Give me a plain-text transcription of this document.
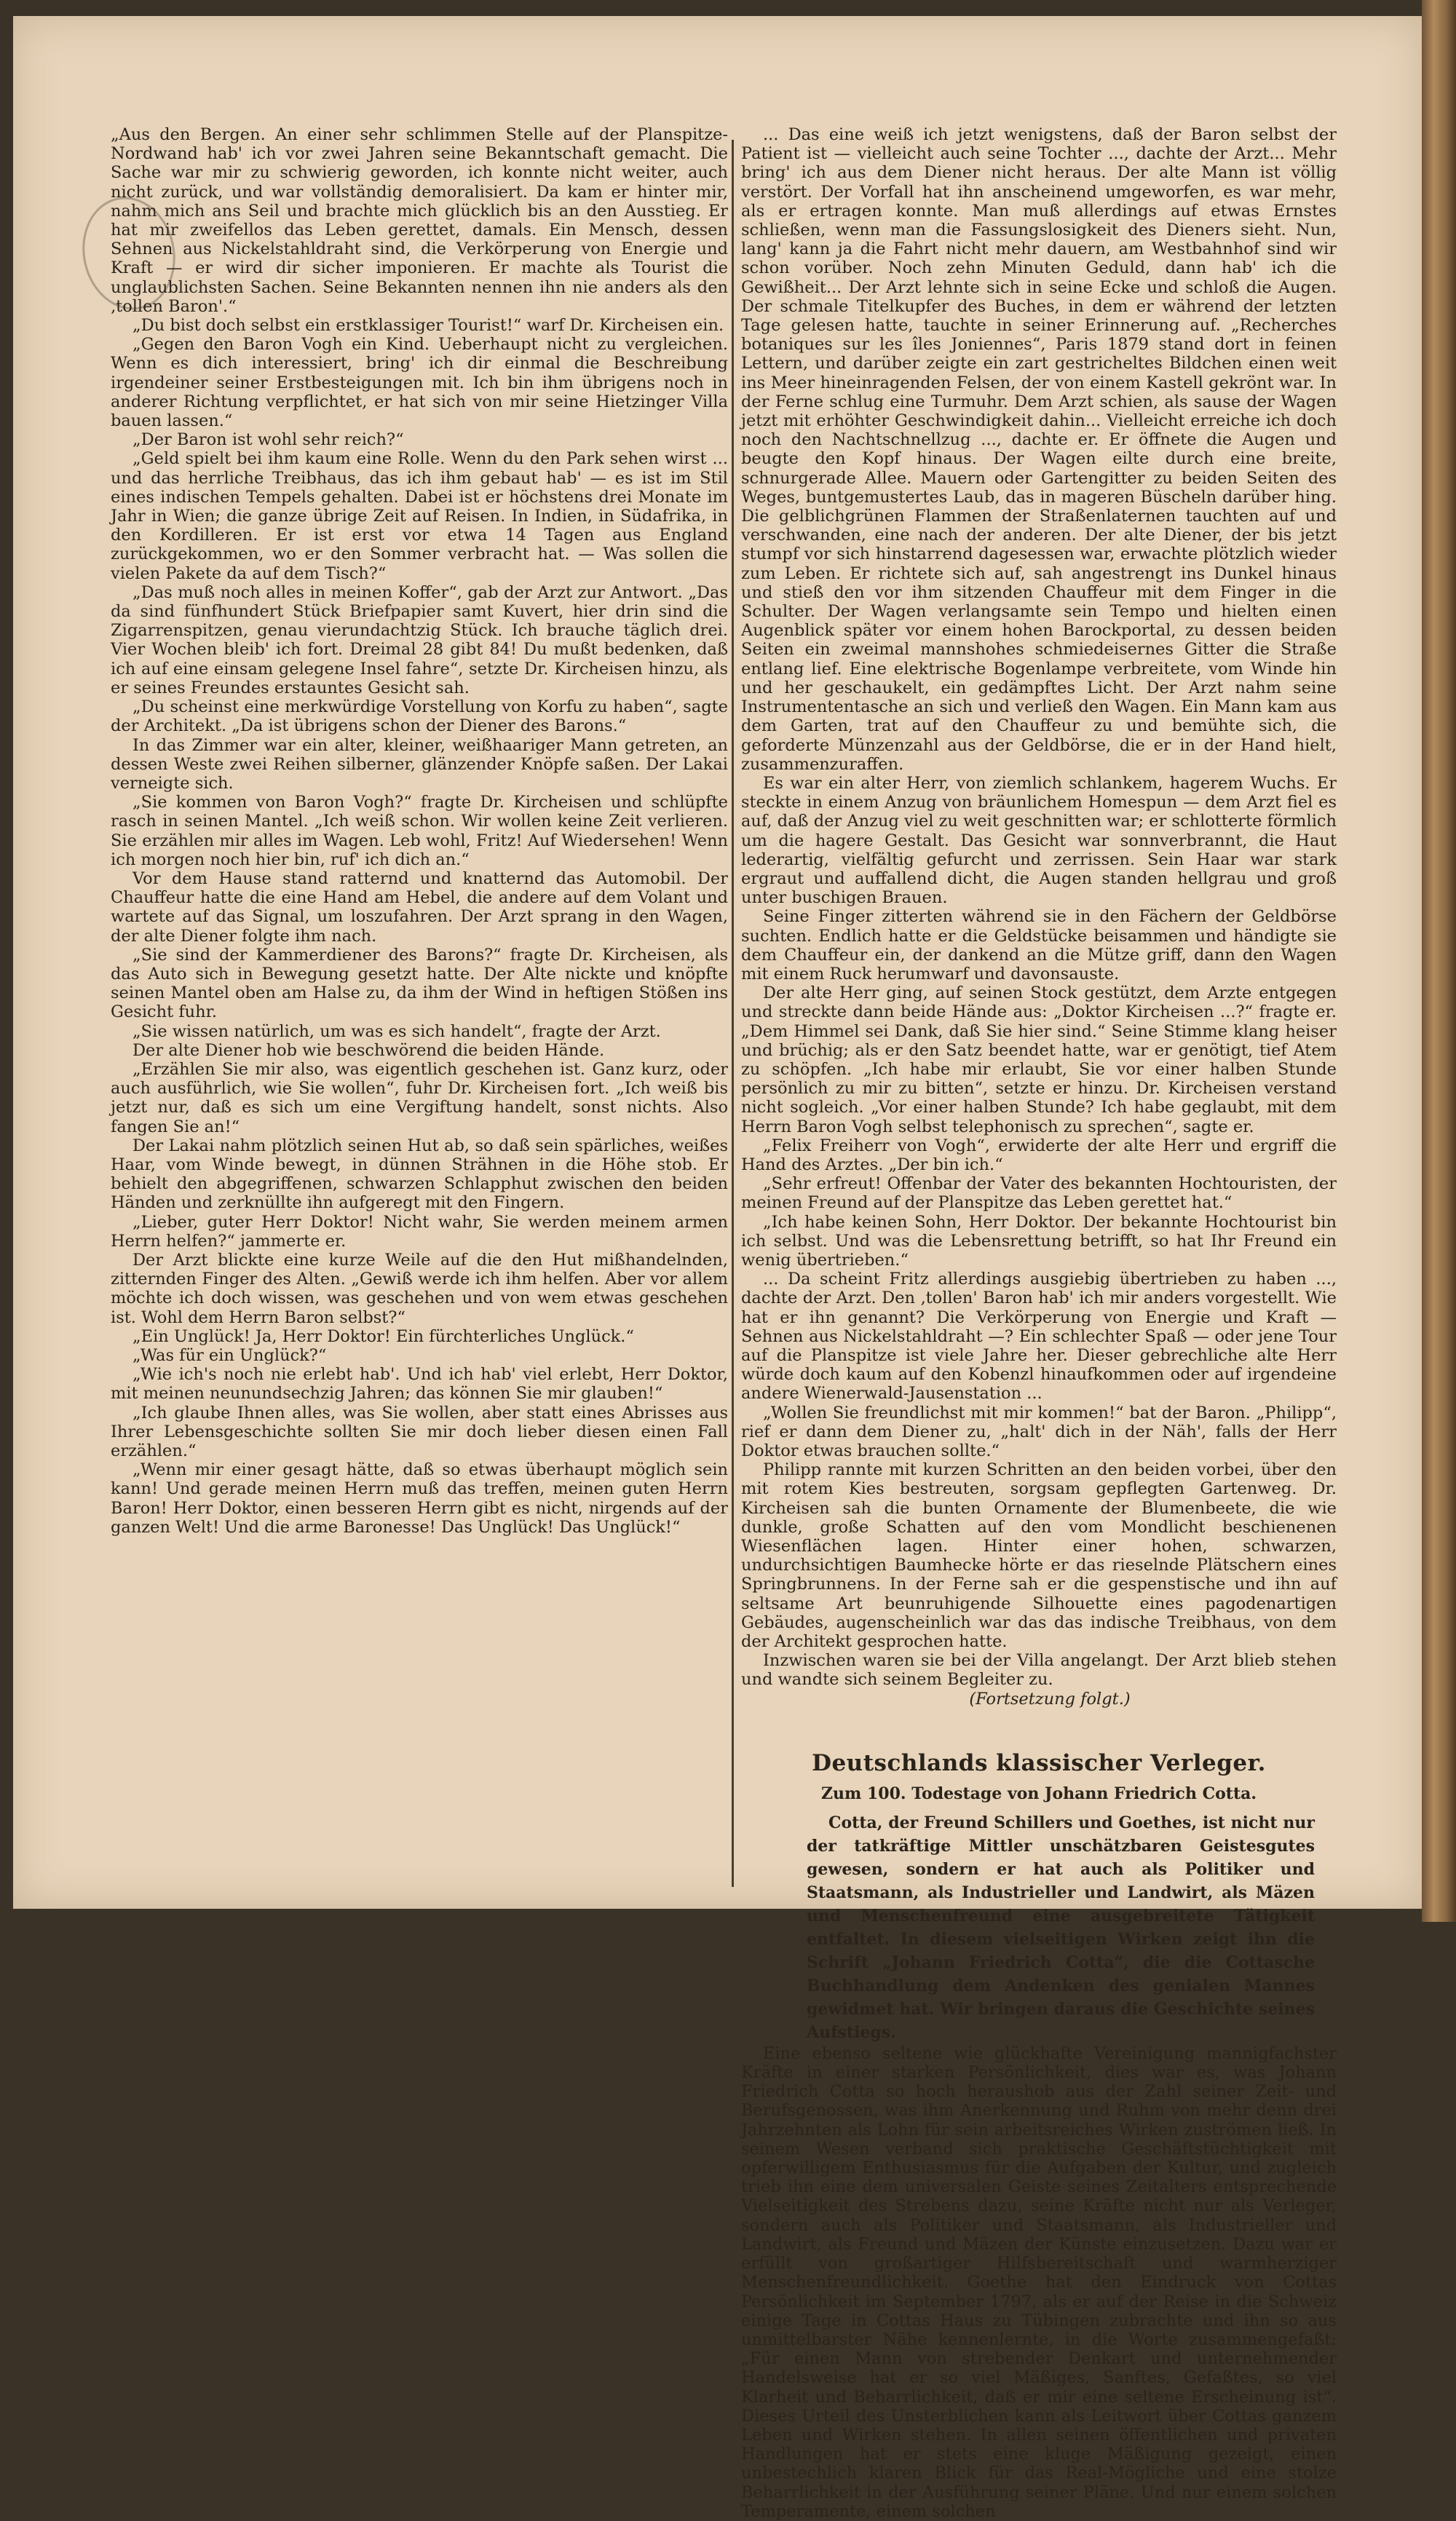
„Aus den Bergen. An einer sehr schlimmen Stelle auf der Planspitze-Nordwand hab' ich vor zwei Jahren seine Bekanntschaft gemacht. Die Sache war mir zu schwierig geworden, ich konnte nicht weiter, auch nicht zurück, und war vollständig demoralisiert. Da kam er hinter mir, nahm mich ans Seil und brachte mich glücklich bis an den Ausstieg. Er hat mir zweifellos das Leben gerettet, damals. Ein Mensch, dessen Sehnen aus Nickelstahldraht sind, die Verkörperung von Energie und Kraft — er wird dir sicher imponieren. Er machte als Tourist die unglaublichsten Sachen. Seine Bekannten nennen ihn nie anders als den ‚tollen Baron'.“

„Du bist doch selbst ein erstklassiger Tourist!“ warf Dr. Kircheisen ein.

„Gegen den Baron Vogh ein Kind. Ueberhaupt nicht zu vergleichen. Wenn es dich interessiert, bring' ich dir einmal die Beschreibung irgendeiner seiner Erstbesteigungen mit. Ich bin ihm übrigens noch in anderer Richtung verpflichtet, er hat sich von mir seine Hietzinger Villa bauen lassen.“

„Der Baron ist wohl sehr reich?“

„Geld spielt bei ihm kaum eine Rolle. Wenn du den Park sehen wirst ... und das herrliche Treibhaus, das ich ihm gebaut hab' — es ist im Stil eines indischen Tempels gehalten. Dabei ist er höchstens drei Monate im Jahr in Wien; die ganze übrige Zeit auf Reisen. In Indien, in Südafrika, in den Kordilleren. Er ist erst vor etwa 14 Tagen aus England zurückgekommen, wo er den Sommer verbracht hat. — Was sollen die vielen Pakete da auf dem Tisch?“

„Das muß noch alles in meinen Koffer“, gab der Arzt zur Antwort. „Das da sind fünfhundert Stück Briefpapier samt Kuvert, hier drin sind die Zigarrenspitzen, genau vierundachtzig Stück. Ich brauche täglich drei. Vier Wochen bleib' ich fort. Dreimal 28 gibt 84! Du mußt bedenken, daß ich auf eine einsam gelegene Insel fahre“, setzte Dr. Kircheisen hinzu, als er seines Freundes erstauntes Gesicht sah.

„Du scheinst eine merkwürdige Vorstellung von Korfu zu haben“, sagte der Architekt. „Da ist übrigens schon der Diener des Barons.“

In das Zimmer war ein alter, kleiner, weißhaariger Mann getreten, an dessen Weste zwei Reihen silberner, glänzender Knöpfe saßen. Der Lakai verneigte sich.

„Sie kommen von Baron Vogh?“ fragte Dr. Kircheisen und schlüpfte rasch in seinen Mantel. „Ich weiß schon. Wir wollen keine Zeit verlieren. Sie erzählen mir alles im Wagen. Leb wohl, Fritz! Auf Wiedersehen! Wenn ich morgen noch hier bin, ruf' ich dich an.“

Vor dem Hause stand ratternd und knatternd das Automobil. Der Chauffeur hatte die eine Hand am Hebel, die andere auf dem Volant und wartete auf das Signal, um loszufahren. Der Arzt sprang in den Wagen, der alte Diener folgte ihm nach.

„Sie sind der Kammerdiener des Barons?“ fragte Dr. Kircheisen, als das Auto sich in Bewegung gesetzt hatte. Der Alte nickte und knöpfte seinen Mantel oben am Halse zu, da ihm der Wind in heftigen Stößen ins Gesicht fuhr.

„Sie wissen natürlich, um was es sich handelt“, fragte der Arzt.

Der alte Diener hob wie beschwörend die beiden Hände.

„Erzählen Sie mir also, was eigentlich geschehen ist. Ganz kurz, oder auch ausführlich, wie Sie wollen“, fuhr Dr. Kircheisen fort. „Ich weiß bis jetzt nur, daß es sich um eine Vergiftung handelt, sonst nichts. Also fangen Sie an!“

Der Lakai nahm plötzlich seinen Hut ab, so daß sein spärliches, weißes Haar, vom Winde bewegt, in dünnen Strähnen in die Höhe stob. Er behielt den abgegriffenen, schwarzen Schlapphut zwischen den beiden Händen und zerknüllte ihn aufgeregt mit den Fingern.

„Lieber, guter Herr Doktor! Nicht wahr, Sie werden meinem armen Herrn helfen?“ jammerte er.

Der Arzt blickte eine kurze Weile auf die den Hut mißhandelnden, zitternden Finger des Alten. „Gewiß werde ich ihm helfen. Aber vor allem möchte ich doch wissen, was geschehen und von wem etwas geschehen ist. Wohl dem Herrn Baron selbst?“

„Ein Unglück! Ja, Herr Doktor! Ein fürchterliches Unglück.“

„Was für ein Unglück?“

„Wie ich's noch nie erlebt hab'. Und ich hab' viel erlebt, Herr Doktor, mit meinen neunundsechzig Jahren; das können Sie mir glauben!“

„Ich glaube Ihnen alles, was Sie wollen, aber statt eines Abrisses aus Ihrer Lebensgeschichte sollten Sie mir doch lieber diesen einen Fall erzählen.“

„Wenn mir einer gesagt hätte, daß so etwas überhaupt möglich sein kann! Und gerade meinen Herrn muß das treffen, meinen guten Herrn Baron! Herr Doktor, einen besseren Herrn gibt es nicht, nirgends auf der ganzen Welt! Und die arme Baronesse! Das Unglück! Das Unglück!“

... Das eine weiß ich jetzt wenigstens, daß der Baron selbst der Patient ist — vielleicht auch seine Tochter ..., dachte der Arzt... Mehr bring' ich aus dem Diener nicht heraus. Der alte Mann ist völlig verstört. Der Vorfall hat ihn anscheinend umgeworfen, es war mehr, als er ertragen konnte. Man muß allerdings auf etwas Ernstes schließen, wenn man die Fassungslosigkeit des Dieners sieht. Nun, lang' kann ja die Fahrt nicht mehr dauern, am Westbahnhof sind wir schon vorüber. Noch zehn Minuten Geduld, dann hab' ich die Gewißheit... Der Arzt lehnte sich in seine Ecke und schloß die Augen. Der schmale Titelkupfer des Buches, in dem er während der letzten Tage gelesen hatte, tauchte in seiner Erinnerung auf. „Recherches botaniques sur les îles Joniennes“, Paris 1879 stand dort in feinen Lettern, und darüber zeigte ein zart gestricheltes Bildchen einen weit ins Meer hineinragenden Felsen, der von einem Kastell gekrönt war. In der Ferne schlug eine Turmuhr. Dem Arzt schien, als sause der Wagen jetzt mit erhöhter Geschwindigkeit dahin... Vielleicht erreiche ich doch noch den Nachtschnellzug ..., dachte er. Er öffnete die Augen und beugte den Kopf hinaus. Der Wagen eilte durch eine breite, schnurgerade Allee. Mauern oder Gartengitter zu beiden Seiten des Weges, buntgemustertes Laub, das in mageren Büscheln darüber hing. Die gelblichgrünen Flammen der Straßenlaternen tauchten auf und verschwanden, eine nach der anderen. Der alte Diener, der bis jetzt stumpf vor sich hinstarrend dagesessen war, erwachte plötzlich wieder zum Leben. Er richtete sich auf, sah angestrengt ins Dunkel hinaus und stieß den vor ihm sitzenden Chauffeur mit dem Finger in die Schulter. Der Wagen verlangsamte sein Tempo und hielten einen Augenblick später vor einem hohen Barockportal, zu dessen beiden Seiten ein zweimal mannshohes schmiedeisernes Gitter die Straße entlang lief. Eine elektrische Bogenlampe verbreitete, vom Winde hin und her geschaukelt, ein gedämpftes Licht. Der Arzt nahm seine Instrumententasche an sich und verließ den Wagen. Ein Mann kam aus dem Garten, trat auf den Chauffeur zu und bemühte sich, die geforderte Münzenzahl aus der Geldbörse, die er in der Hand hielt, zusammenzuraffen.

Es war ein alter Herr, von ziemlich schlankem, hagerem Wuchs. Er steckte in einem Anzug von bräunlichem Homespun — dem Arzt fiel es auf, daß der Anzug viel zu weit geschnitten war; er schlotterte förmlich um die hagere Gestalt. Das Gesicht war sonnverbrannt, die Haut lederartig, vielfältig gefurcht und zerrissen. Sein Haar war stark ergraut und auffallend dicht, die Augen standen hellgrau und groß unter buschigen Brauen.

Seine Finger zitterten während sie in den Fächern der Geldbörse suchten. Endlich hatte er die Geldstücke beisammen und händigte sie dem Chauffeur ein, der dankend an die Mütze griff, dann den Wagen mit einem Ruck herumwarf und davonsauste.

Der alte Herr ging, auf seinen Stock gestützt, dem Arzte entgegen und streckte dann beide Hände aus: „Doktor Kircheisen ...?“ fragte er. „Dem Himmel sei Dank, daß Sie hier sind.“ Seine Stimme klang heiser und brüchig; als er den Satz beendet hatte, war er genötigt, tief Atem zu schöpfen. „Ich habe mir erlaubt, Sie vor einer halben Stunde persönlich zu mir zu bitten“, setzte er hinzu. Dr. Kircheisen verstand nicht sogleich. „Vor einer halben Stunde? Ich habe geglaubt, mit dem Herrn Baron Vogh selbst telephonisch zu sprechen“, sagte er.

„Felix Freiherr von Vogh“, erwiderte der alte Herr und ergriff die Hand des Arztes. „Der bin ich.“

„Sehr erfreut! Offenbar der Vater des bekannten Hochtouristen, der meinen Freund auf der Planspitze das Leben gerettet hat.“

„Ich habe keinen Sohn, Herr Doktor. Der bekannte Hochtourist bin ich selbst. Und was die Lebensrettung betrifft, so hat Ihr Freund ein wenig übertrieben.“

... Da scheint Fritz allerdings ausgiebig übertrieben zu haben ..., dachte der Arzt. Den ‚tollen' Baron hab' ich mir anders vorgestellt. Wie hat er ihn genannt? Die Verkörperung von Energie und Kraft — Sehnen aus Nickelstahldraht —? Ein schlechter Spaß — oder jene Tour auf die Planspitze ist viele Jahre her. Dieser gebrechliche alte Herr würde doch kaum auf den Kobenzl hinaufkommen oder auf irgendeine andere Wienerwald-Jausenstation ...

„Wollen Sie freundlichst mit mir kommen!“ bat der Baron. „Philipp“, rief er dann dem Diener zu, „halt' dich in der Näh', falls der Herr Doktor etwas brauchen sollte.“

Philipp rannte mit kurzen Schritten an den beiden vorbei, über den mit rotem Kies bestreuten, sorgsam gepflegten Gartenweg. Dr. Kircheisen sah die bunten Ornamente der Blumenbeete, die wie dunkle, große Schatten auf den vom Mondlicht beschienenen Wiesenflächen lagen. Hinter einer hohen, schwarzen, undurchsichtigen Baumhecke hörte er das rieselnde Plätschern eines Springbrunnens. In der Ferne sah er die gespenstische und ihn auf seltsame Art beunruhigende Silhouette eines pagodenartigen Gebäudes, augenscheinlich war das das indische Treibhaus, von dem der Architekt gesprochen hatte.

Inzwischen waren sie bei der Villa angelangt. Der Arzt blieb stehen und wandte sich seinem Begleiter zu.

(Fortsetzung folgt.)

Deutschlands klassischer Verleger.
Zum 100. Todestage von Johann Friedrich Cotta.

Cotta, der Freund Schillers und Goethes, ist nicht nur der tatkräftige Mittler unschätzbaren Geistesgutes gewesen, sondern er hat auch als Politiker und Staatsmann, als Industrieller und Landwirt, als Mäzen und Menschenfreund eine ausgebreitete Tätigkeit entfaltet. In diesem vielseitigen Wirken zeigt ihn die Schrift „Johann Friedrich Cotta“, die die Cottasche Buchhandlung dem Andenken des genialen Mannes gewidmet hat. Wir bringen daraus die Geschichte seines Aufstiegs.

Eine ebenso seltene wie glückhafte Vereinigung mannigfachster Kräfte in einer starken Persönlichkeit, dies war es, was Johann Friedrich Cotta so hoch heraushob aus der Zahl seiner Zeit- und Berufsgenossen, was ihm Anerkennung und Ruhm von mehr denn drei Jahrzehnten als Lohn für sein arbeitsreiches Wirken zuströmen ließ. In seinem Wesen verband sich praktische Geschäftstüchtigkeit mit opferwilligem Enthusiasmus für die Aufgaben der Kultur, und zugleich trieb ihn eine dem universalen Geiste seines Zeitalters entsprechende Vielseitigkeit des Strebens dazu, seine Kräfte nicht nur als Verleger, sondern auch als Politiker und Staatsmann, als Industrieller und Landwirt, als Freund und Mäzen der Künste einzusetzen. Dazu war er erfüllt von großartiger Hilfsbereitschaft und warmherziger Menschenfreundlichkeit. Goethe hat den Eindruck von Cottas Persönlichkeit im September 1797, als er auf der Reise in die Schweiz einige Tage in Cottas Haus zu Tübingen zubrachte und ihn so aus unmittelbarster Nähe kennenlernte, in die Worte zusammengefaßt: „Für einen Mann von strebender Denkart und unternehmender Handelsweise hat er so viel Mäßiges, Sanftes, Gefaßtes, so viel Klarheit und Beharrlichkeit, daß er mir eine seltene Erscheinung ist“. Dieses Urteil des Unsterblichen kann als Leitwort über Cottas ganzem Leben und Wirken stehen. In allen seinen öffentlichen und privaten Handlungen hat er stets eine kluge Mäßigung gezeigt, einen unbestechlich klaren Blick für das Real-Mögliche und eine stolze Beharrlichkeit in der Ausführung seiner Pläne. Und nur einem solchen Temperamente, einem solchen
